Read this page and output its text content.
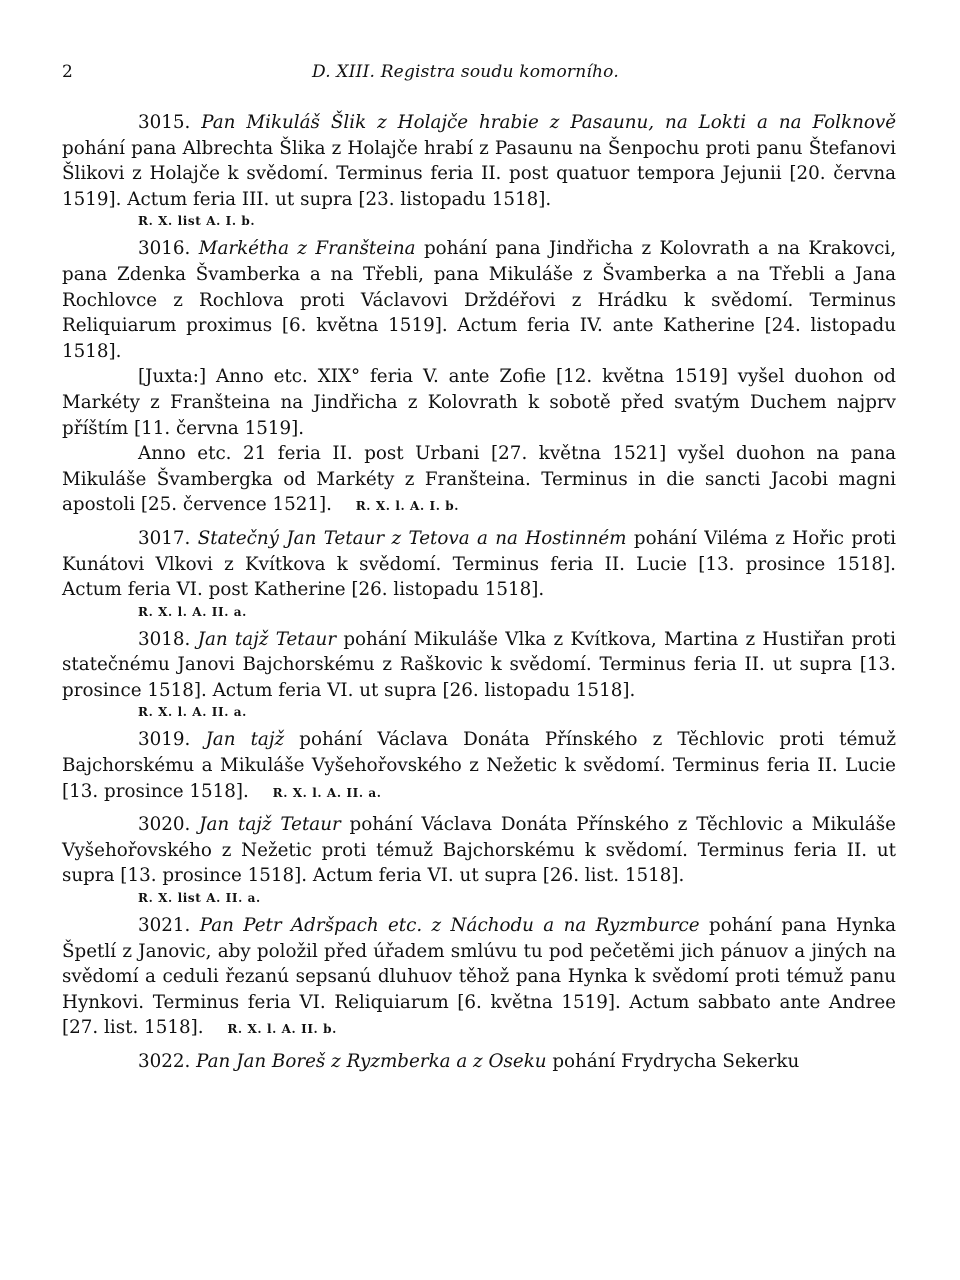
2	D. XIII. Registra soudu komorního.

3015. Pan Mikuláš Šlik z Holajče hrabie z Pasaunu, na Lokti a na Folknově pohání pana Albrechta Šlika z Holajče hrabí z Pasaunu na Šenpochu proti panu Štefanovi Šlikovi z Holajče k svědomí. Terminus feria II. post quatuor tempora Jejunii [20. června 1519]. Actum feria III. ut supra [23. listopadu 1518].

R. X. list A. I. b.

3016. Markétha z Franšteina pohání pana Jindřicha z Kolovrath a na Krakovci, pana Zdenka Švamberka a na Třebli, pana Mikuláše z Švamberka a na Třebli a Jana Rochlovce z Rochlova proti Václavovi Drždéřovi z Hrádku k svědomí. Terminus Reliquiarum proximus [6. května 1519]. Actum feria IV. ante Katherine [24. listopadu 1518].

[Juxta:] Anno etc. XIX° feria V. ante Zofie [12. května 1519] vyšel duohon od Markéty z Franšteina na Jindřicha z Kolovrath k sobotě před svatým Duchem najprv příštím [11. června 1519].

Anno etc. 21 feria II. post Urbani [27. května 1521] vyšel duohon na pana Mikuláše Švambergka od Markéty z Franšteina. Terminus in die sancti Jacobi magni apostoli [25. července 1521]. R. X. l. A. I. b.

3017. Statečný Jan Tetaur z Tetova a na Hostinném pohání Viléma z Hořic proti Kunátovi Vlkovi z Kvítkova k svědomí. Terminus feria II. Lucie [13. prosince 1518]. Actum feria VI. post Katherine [26. listopadu 1518].

R. X. l. A. II. a.

3018. Jan tajž Tetaur pohání Mikuláše Vlka z Kvítkova, Martina z Hustiřan proti statečnému Janovi Bajchorskému z Raškovic k svědomí. Terminus feria II. ut supra [13. prosince 1518]. Actum feria VI. ut supra [26. listopadu 1518].

R. X. l. A. II. a.

3019. Jan tajž pohání Václava Donáta Přínského z Těchlovic proti témuž Bajchorskému a Mikuláše Vyšehořovského z Nežetic k svědomí. Terminus feria II. Lucie [13. prosince 1518]. R. X. l. A. II. a.

3020. Jan tajž Tetaur pohání Václava Donáta Přínského z Těchlovic a Mikuláše Vyšehořovského z Nežetic proti témuž Bajchorskému k svědomí. Terminus feria II. ut supra [13. prosince 1518]. Actum feria VI. ut supra [26. list. 1518].

R. X. list A. II. a.

3021. Pan Petr Adršpach etc. z Náchodu a na Ryzmburce pohání pana Hynka Špetlí z Janovic, aby položil před úřadem smlúvu tu pod pečetěmi jich pánuov a jiných na svědomí a ceduli řezanú sepsanú dluhuov těhož pana Hynka k svědomí proti témuž panu Hynkovi. Terminus feria VI. Reliquiarum [6. května 1519]. Actum sabbato ante Andree [27. list. 1518]. R. X. l. A. II. b.

3022. Pan Jan Boreš z Ryzmberka a z Oseku pohání Frydrycha Sekerku
